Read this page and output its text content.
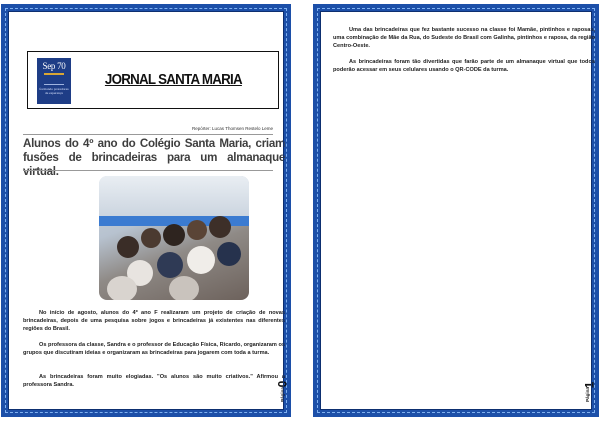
Sep 70
formando protadores de esperança
JORNAL SANTA MARIA
Repórter: Lucas Thomsen Restelo Leme
Alunos do 4º ano do Colégio Santa Maria, criam fusões de brincadeiras para um almanaque virtual.

No início de agosto, alunos do 4º ano F realizaram um projeto de criação de novas brincadeiras, depois de uma pesquisa sobre jogos e brincadeiras já existentes nas diferentes regiões do Brasil.

Os professora da classe, Sandra e o professor de Educação Física, Ricardo, organizaram os grupos que discutiram ideias e organizaram as brincadeiras para jogarem com toda a turma.

As brincadeiras foram muito elogiadas. "Os alunos são muito criativos." Afirmou a professora Sandra.

Página
0

Uma das brincadeiras que fez bastante sucesso na classe foi Mamãe, pintinhos e raposas, uma combinação de Mãe da Rua, do Sudeste do Brasil com Galinha, pintinhos e raposa, da região Centro-Oeste.

As brincadeiras foram tão divertidas que farão parte de um almanaque virtual que todos poderão acessar em seus celulares usando o QR-CODE da turma.

Página
1
